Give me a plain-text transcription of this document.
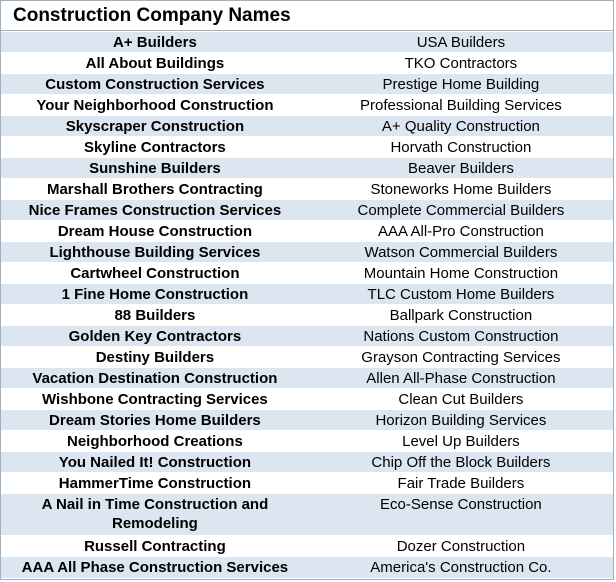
Construction Company Names
A+ Builders	USA Builders
All About Buildings	TKO Contractors
Custom Construction Services	Prestige Home Building
Your Neighborhood Construction	Professional Building Services
Skyscraper Construction	A+ Quality Construction
Skyline Contractors	Horvath Construction
Sunshine Builders	Beaver Builders
Marshall Brothers Contracting	Stoneworks Home Builders
Nice Frames Construction Services	Complete Commercial Builders
Dream House Construction	AAA All-Pro Construction
Lighthouse Building Services	Watson Commercial Builders
Cartwheel Construction	Mountain Home Construction
1 Fine Home Construction	TLC Custom Home Builders
88 Builders	Ballpark Construction
Golden Key Contractors	Nations Custom Construction
Destiny Builders	Grayson Contracting Services
Vacation Destination Construction	Allen All-Phase Construction
Wishbone Contracting Services	Clean Cut Builders
Dream Stories Home Builders	Horizon Building Services
Neighborhood Creations	Level Up Builders
You Nailed It! Construction	Chip Off the Block Builders
HammerTime Construction	Fair Trade Builders
A Nail in Time Construction and Remodeling	Eco-Sense Construction
Russell Contracting	Dozer Construction
AAA All Phase Construction Services	America's Construction Co.
